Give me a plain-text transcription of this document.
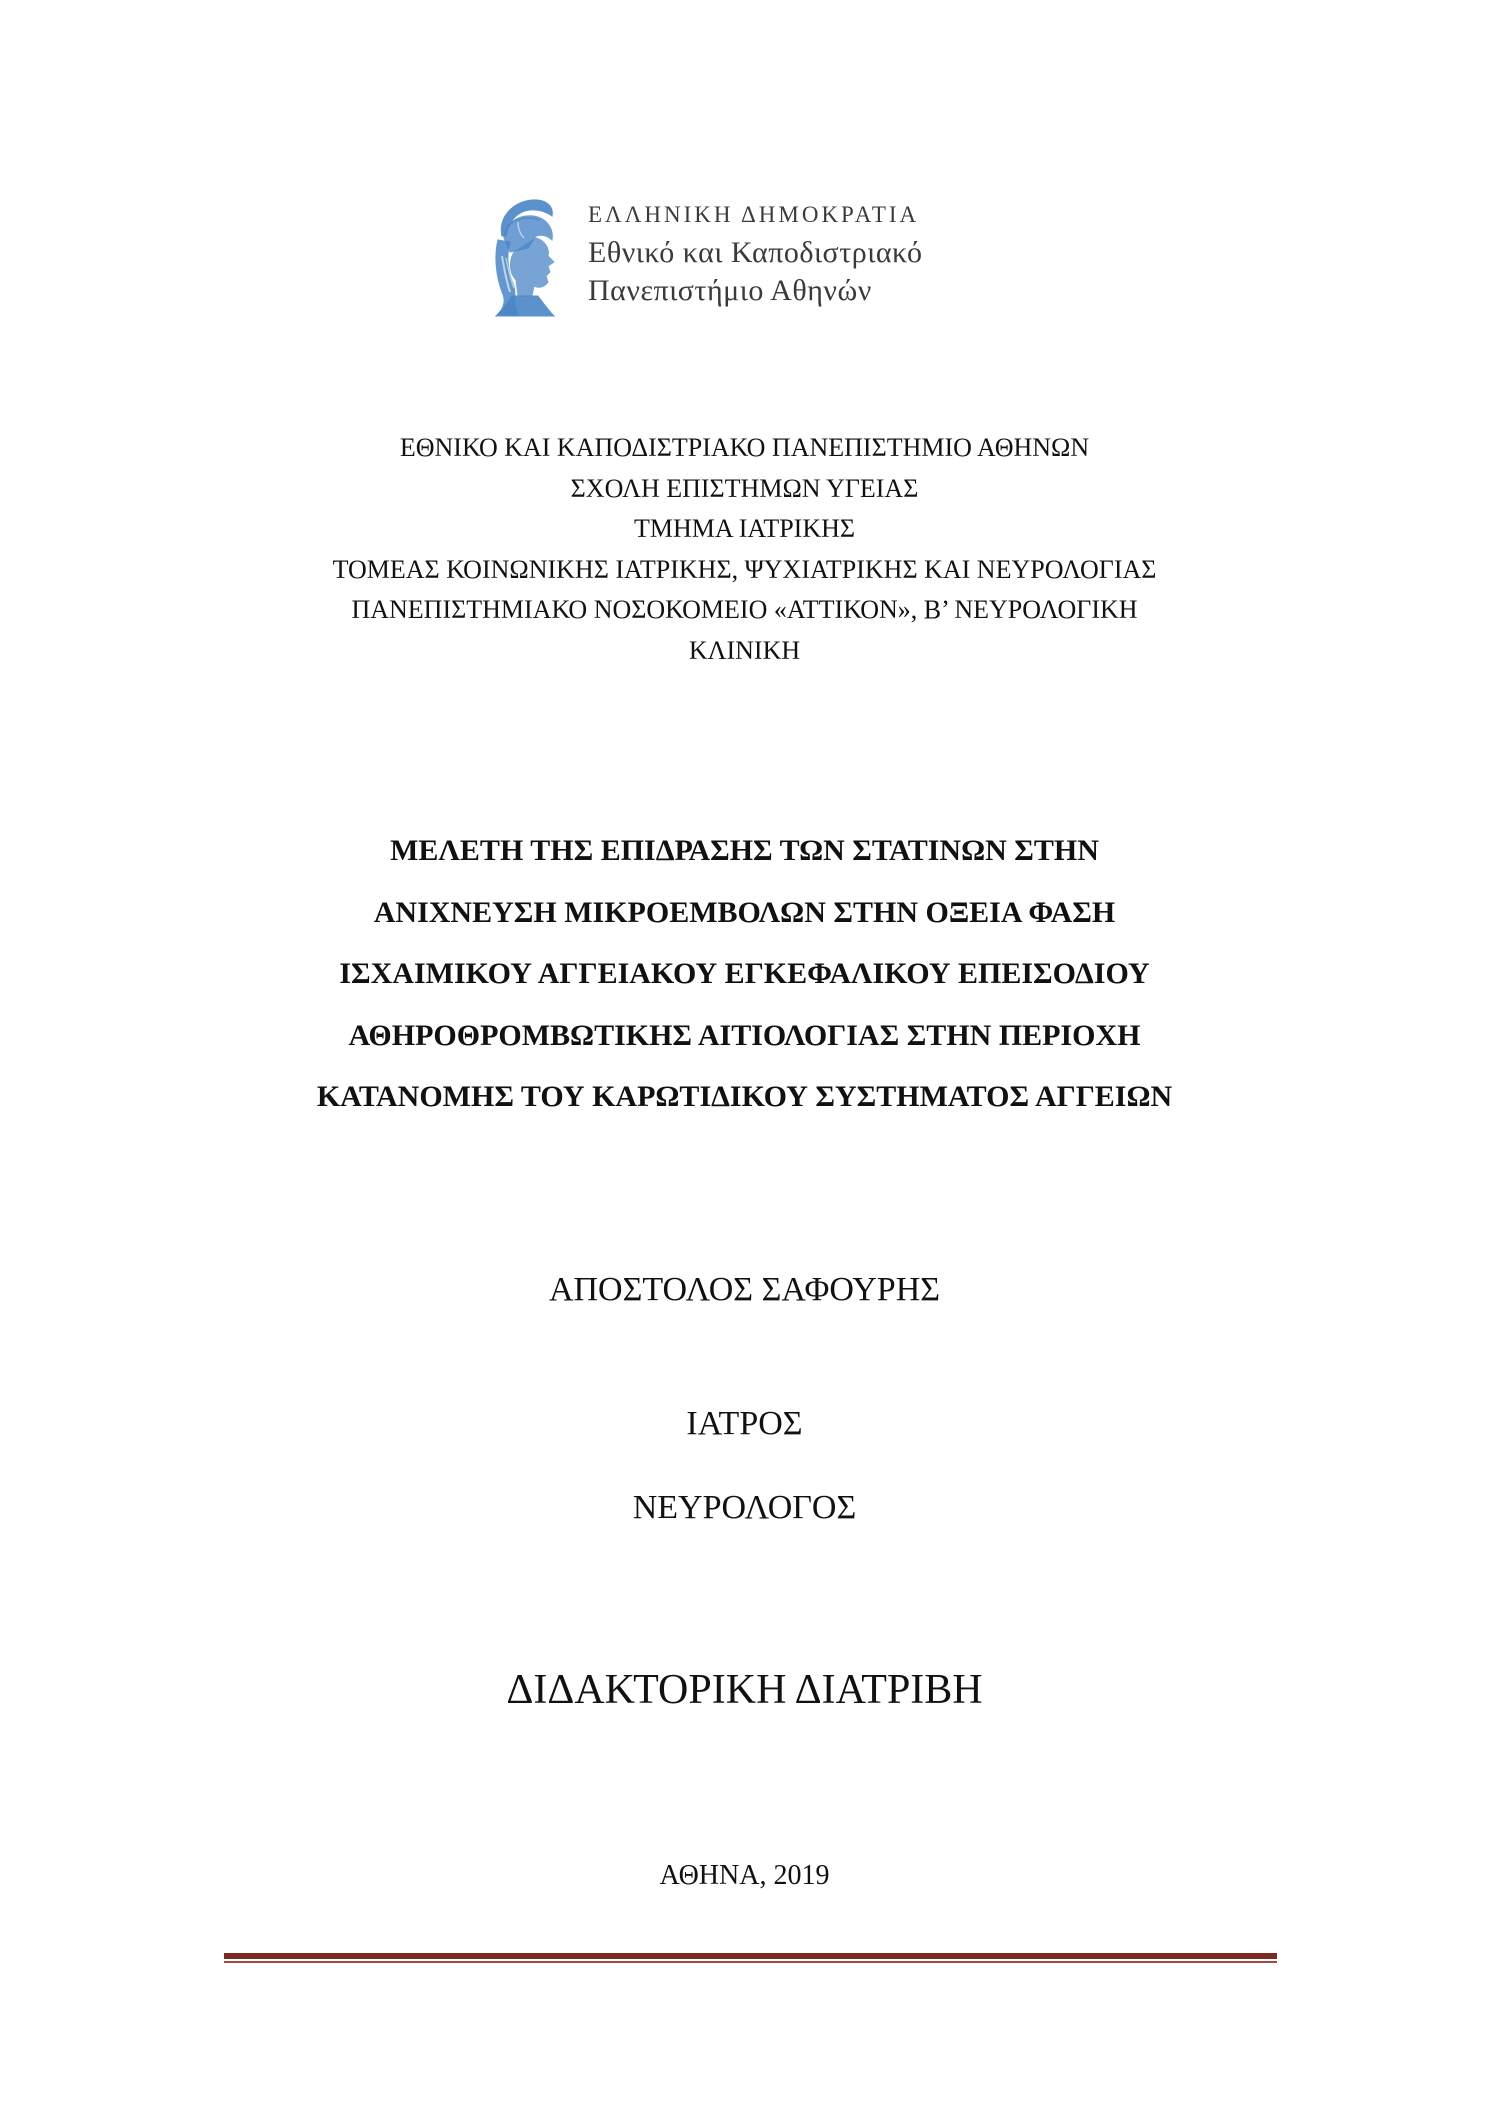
ΕΛΛΗΝΙΚΗ ΔΗΜΟΚΡΑΤΙΑ
Εθνικό και Καποδιστριακό
Πανεπιστήμιο Αθηνών
ΕΘΝΙΚΟ ΚΑΙ ΚΑΠΟΔΙΣΤΡΙΑΚΟ ΠΑΝΕΠΙΣΤΗΜΙΟ ΑΘΗΝΩΝ
ΣΧΟΛΗ ΕΠΙΣΤΗΜΩΝ ΥΓΕΙΑΣ
ΤΜΗΜΑ ΙΑΤΡΙΚΗΣ
ΤΟΜΕΑΣ ΚΟΙΝΩΝΙΚΗΣ ΙΑΤΡΙΚΗΣ, ΨΥΧΙΑΤΡΙΚΗΣ ΚΑΙ ΝΕΥΡΟΛΟΓΙΑΣ
ΠΑΝΕΠΙΣΤΗΜΙΑΚΟ ΝΟΣΟΚΟΜΕΙΟ «ΑΤΤΙΚΟΝ», Β’ ΝΕΥΡΟΛΟΓΙΚΗ
ΚΛΙΝΙΚΗ
ΜΕΛΕΤΗ ΤΗΣ ΕΠΙΔΡΑΣΗΣ ΤΩΝ ΣΤΑΤΙΝΩΝ ΣΤΗΝ
ΑΝΙΧΝΕΥΣΗ ΜΙΚΡΟΕΜΒΟΛΩΝ ΣΤΗΝ ΟΞΕΙΑ ΦΑΣΗ
ΙΣΧΑΙΜΙΚΟΥ ΑΓΓΕΙΑΚΟΥ ΕΓΚΕΦΑΛΙΚΟΥ ΕΠΕΙΣΟΔΙΟΥ
ΑΘΗΡΟΘΡΟΜΒΩΤΙΚΗΣ ΑΙΤΙΟΛΟΓΙΑΣ ΣΤΗΝ ΠΕΡΙΟΧΗ
ΚΑΤΑΝΟΜΗΣ ΤΟΥ ΚΑΡΩΤΙΔΙΚΟΥ ΣΥΣΤΗΜΑΤΟΣ ΑΓΓΕΙΩΝ
ΑΠΟΣΤΟΛΟΣ ΣΑΦΟΥΡΗΣ
ΙΑΤΡΟΣ
ΝΕΥΡΟΛΟΓΟΣ
ΔΙΔΑΚΤΟΡΙΚΗ ΔΙΑΤΡΙΒΗ
ΑΘΗΝΑ, 2019
